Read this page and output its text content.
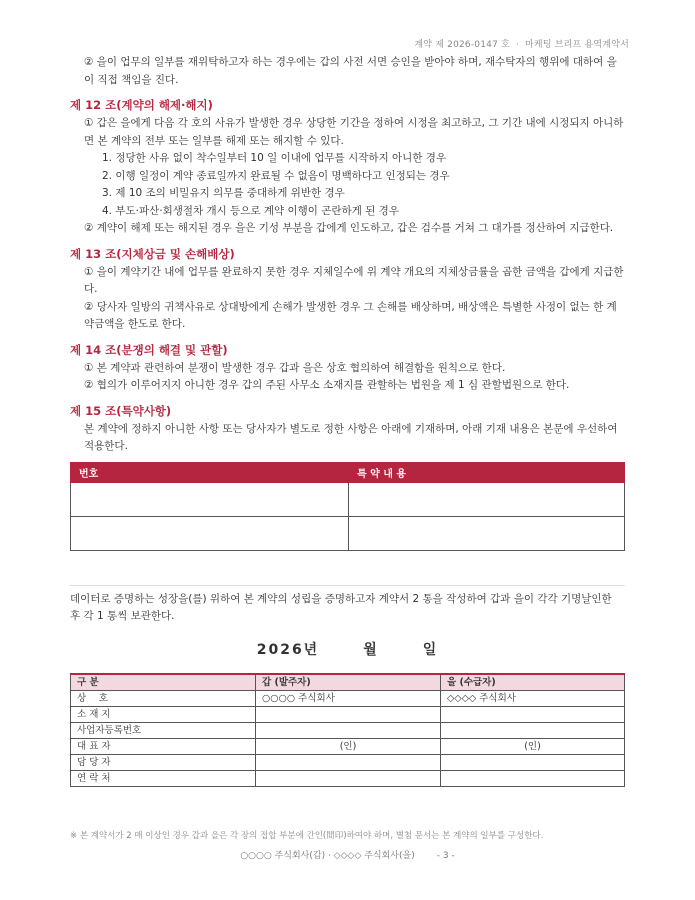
계약 제 2026-0147 호 · 마케팅 브리프 용역계약서

② 을이 업무의 일부를 재위탁하고자 하는 경우에는 갑의 사전 서면 승인을 받아야 하며, 재수탁자의 행위에 대하여 을이 직접 책임을 진다.

제 12 조(계약의 해제·해지)

① 갑은 을에게 다음 각 호의 사유가 발생한 경우 상당한 기간을 정하여 시정을 최고하고, 그 기간 내에 시정되지 아니하면 본 계약의 전부 또는 일부를 해제 또는 해지할 수 있다.

1. 정당한 사유 없이 착수일부터 10 일 이내에 업무를 시작하지 아니한 경우

2. 이행 일정이 계약 종료일까지 완료될 수 없음이 명백하다고 인정되는 경우

3. 제 10 조의 비밀유지 의무를 중대하게 위반한 경우

4. 부도·파산·회생절차 개시 등으로 계약 이행이 곤란하게 된 경우

② 계약이 해제 또는 해지된 경우 을은 기성 부분을 갑에게 인도하고, 갑은 검수를 거쳐 그 대가를 정산하여 지급한다.

제 13 조(지체상금 및 손해배상)

① 을이 계약기간 내에 업무를 완료하지 못한 경우 지체일수에 위 계약 개요의 지체상금률을 곱한 금액을 갑에게 지급한다.

② 당사자 일방의 귀책사유로 상대방에게 손해가 발생한 경우 그 손해를 배상하며, 배상액은 특별한 사정이 없는 한 계약금액을 한도로 한다.

제 14 조(분쟁의 해결 및 관할)

① 본 계약과 관련하여 분쟁이 발생한 경우 갑과 을은 상호 협의하여 해결함을 원칙으로 한다.

② 협의가 이루어지지 아니한 경우 갑의 주된 사무소 소재지를 관할하는 법원을 제 1 심 관할법원으로 한다.

제 15 조(특약사항)

본 계약에 정하지 아니한 사항 또는 당사자가 별도로 정한 사항은 아래에 기재하며, 아래 기재 내용은 본문에 우선하여 적용한다.

번호	특 약 내 용

데이터로 증명하는 성장을(를) 위하여 본 계약의 성립을 증명하고자 계약서 2 통을 작성하여 갑과 을이 각각 기명날인한 후 각 1 통씩 보관한다.

2026년	월	일
구 분	갑 (발주자)	을 (수급자)
상　 호	○○○○ 주식회사	◇◇◇◇ 주식회사
소 재 지		
사업자등록번호		
대 표 자	(인)	(인)
담 당 자		
연 락 처		
※ 본 계약서가 2 매 이상인 경우 갑과 을은 각 장의 접합 부분에 간인(間印)하여야 하며, 별첨 문서는 본 계약의 일부를 구성한다.
○○○○ 주식회사(갑) · ◇◇◇◇ 주식회사(을) - 3 -
